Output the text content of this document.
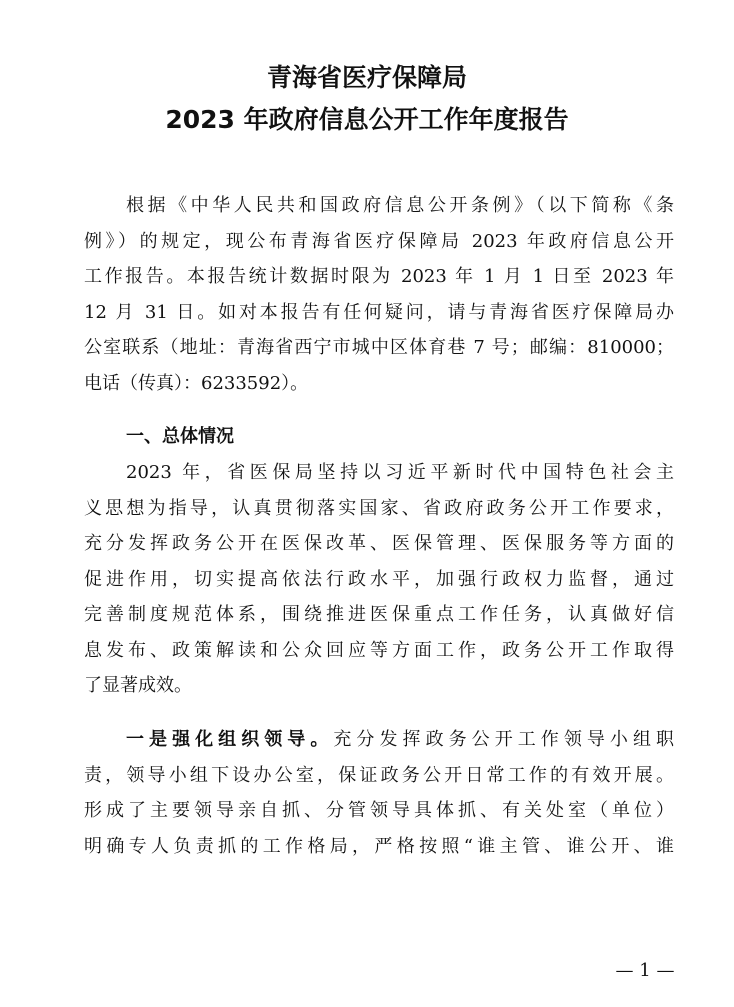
青海省医疗保障局
2023 年政府信息公开工作年度报告
根据《中华人民共和国政府信息公开条例》（以下简称《条
例》）的规定，现公布青海省医疗保障局 2023 年政府信息公开
工作报告。本报告统计数据时限为 2023 年 1 月 1 日至 2023 年
12 月 31 日。如对本报告有任何疑问，请与青海省医疗保障局办
公室联系（地址：青海省西宁市城中区体育巷 7 号；邮编：810000；
电话（传真）：6233592）。
一、总体情况
2023 年，省医保局坚持以习近平新时代中国特色社会主
义思想为指导，认真贯彻落实国家、省政府政务公开工作要求，
充分发挥政务公开在医保改革、医保管理、医保服务等方面的
促进作用，切实提高依法行政水平，加强行政权力监督，通过
完善制度规范体系，围绕推进医保重点工作任务，认真做好信
息发布、政策解读和公众回应等方面工作，政务公开工作取得
了显著成效。
一是强化组织领导。充分发挥政务公开工作领导小组职
责，领导小组下设办公室，保证政务公开日常工作的有效开展。
形成了主要领导亲自抓、分管领导具体抓、有关处室（单位）
明确专人负责抓的工作格局，严格按照“谁主管、谁公开、谁
— 1 —
